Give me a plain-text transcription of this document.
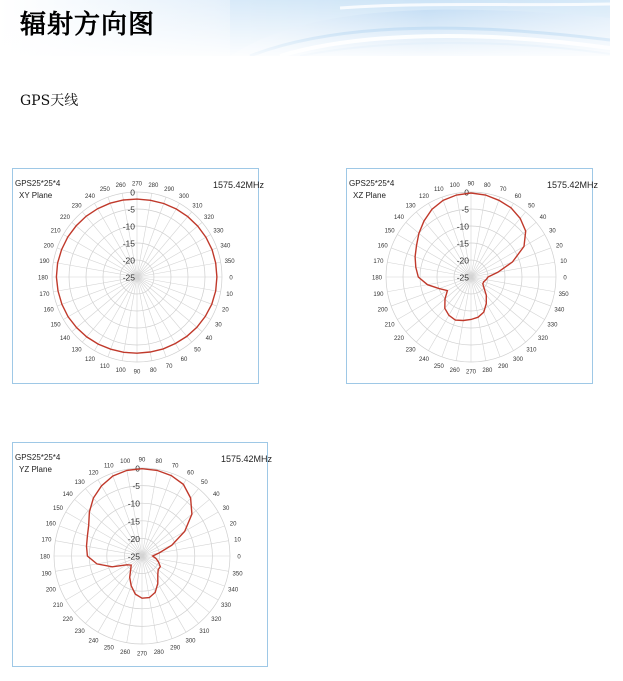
辐射方向图
GPS天线
0
10
20
30
40
50
60
70
80
90
100
110
120
130
140
150
160
170
180
190
200
210
220
230
240
250
260 270 280
290
300
310
320
330
340
350
0
-5
-10
-15
-20
-25
GPS25*25*4
XY Plane
1575.42MHz
0
10
20
30
40
50
60
70
80
90
100
110
120
130
140
150
160
170
180
190
200
210
220
230
240
250
260 270 280
290
300
310
320
330
340
350
0
-5
-10
-15
-20
-25
GPS25*25*4
XZ Plane
1575.42MHz
0
10
20
30
40
50
60
70
80
90
100
110
120
130
140
150
160
170
180
190
200
210
220
230
240
250
260 270 280
290
300
310
320
330
340
350
0
-5
-10
-15
-20
-25
GPS25*25*4
YZ Plane
1575.42MHz
